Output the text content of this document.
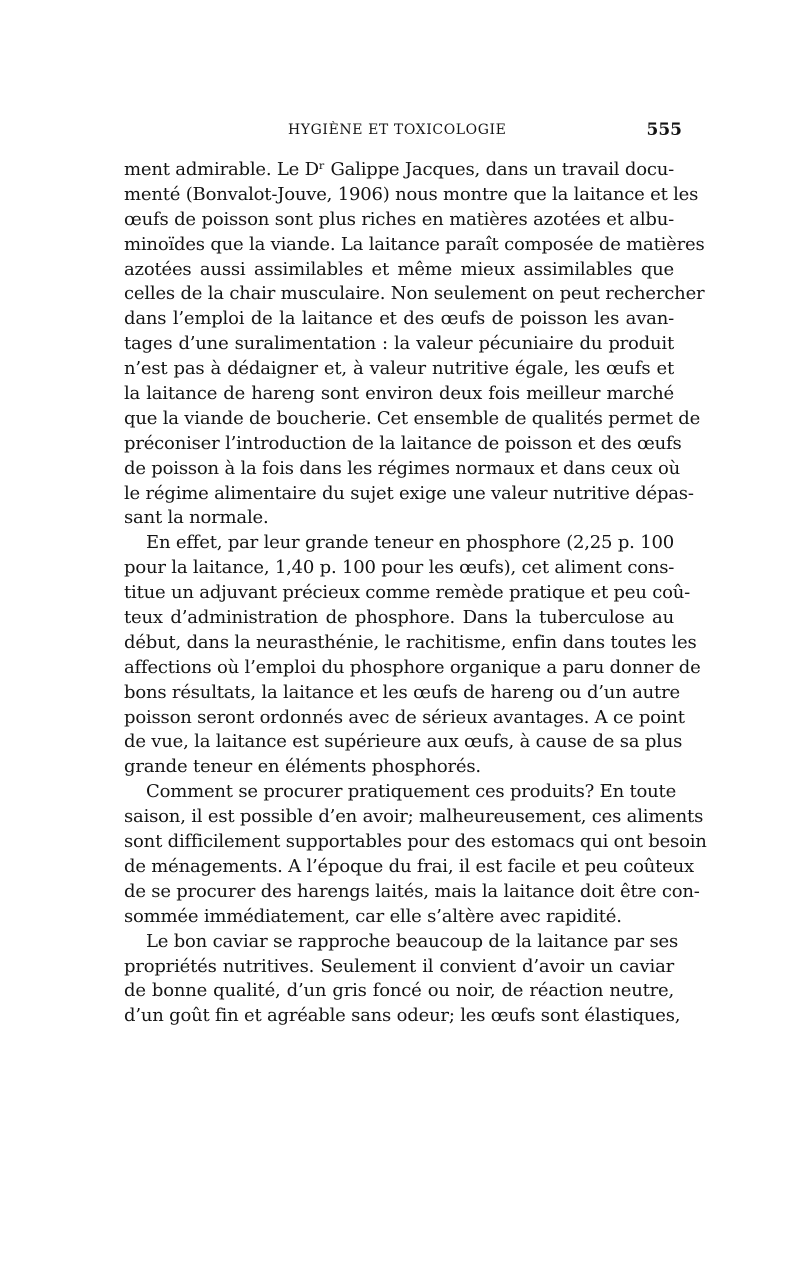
HYGIÈNE ET TOXICOLOGIE	555
ment admirable. Le Dʳ Galippe Jacques, dans un travail docu-
menté (Bonvalot-Jouve, 1906) nous montre que la laitance et les
œufs de poisson sont plus riches en matières azotées et albu-
minoïdes que la viande. La laitance paraît composée de matières
azotées aussi assimilables et même mieux assimilables que
celles de la chair musculaire. Non seulement on peut rechercher
dans l’emploi de la laitance et des œufs de poisson les avan-
tages d’une suralimentation : la valeur pécuniaire du produit
n’est pas à dédaigner et, à valeur nutritive égale, les œufs et
la laitance de hareng sont environ deux fois meilleur marché
que la viande de boucherie. Cet ensemble de qualités permet de
préconiser l’introduction de la laitance de poisson et des œufs
de poisson à la fois dans les régimes normaux et dans ceux où
le régime alimentaire du sujet exige une valeur nutritive dépas-
sant la normale.
En effet, par leur grande teneur en phosphore (2,25 p. 100
pour la laitance, 1,40 p. 100 pour les œufs), cet aliment cons-
titue un adjuvant précieux comme remède pratique et peu coû-
teux d’administration de phosphore. Dans la tuberculose au
début, dans la neurasthénie, le rachitisme, enfin dans toutes les
affections où l’emploi du phosphore organique a paru donner de
bons résultats, la laitance et les œufs de hareng ou d’un autre
poisson seront ordonnés avec de sérieux avantages. A ce point
de vue, la laitance est supérieure aux œufs, à cause de sa plus
grande teneur en éléments phosphorés.
Comment se procurer pratiquement ces produits? En toute
saison, il est possible d’en avoir; malheureusement, ces aliments
sont difficilement supportables pour des estomacs qui ont besoin
de ménagements. A l’époque du frai, il est facile et peu coûteux
de se procurer des harengs laités, mais la laitance doit être con-
sommée immédiatement, car elle s’altère avec rapidité.
Le bon caviar se rapproche beaucoup de la laitance par ses
propriétés nutritives. Seulement il convient d’avoir un caviar
de bonne qualité, d’un gris foncé ou noir, de réaction neutre,
d’un goût fin et agréable sans odeur; les œufs sont élastiques,
